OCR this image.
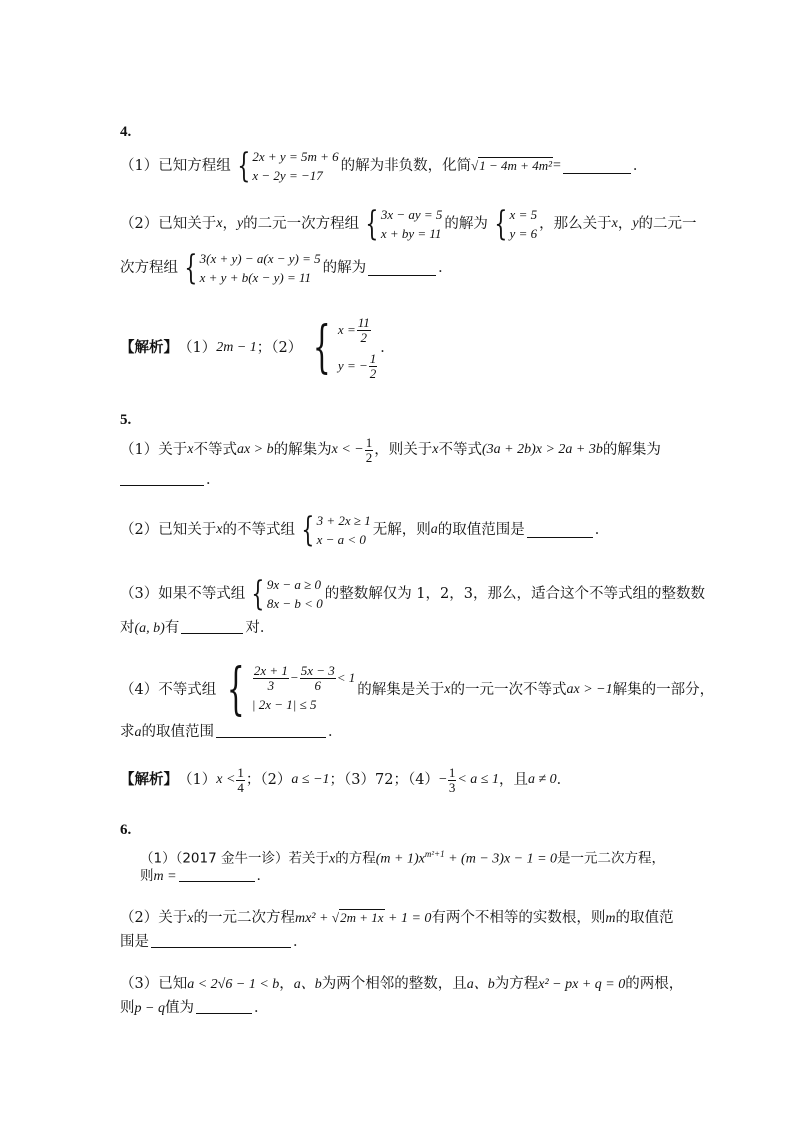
4.
（1）已知方程组 { 2x + y = 5m + 6
x − 2y = −17
的解为非负数，化简 √1 − 4m + 4m² =	．
（2）已知关于 x ， y 的二元一次方程组 { 3x − ay = 5
x + by = 11
的解为 { x = 5
y = 6
，那么关于 x ， y 的二元一
次方程组 { 3(x + y) − a(x − y) = 5
x + y + b(x − y) = 11
的解为	．
【解析】 （1） 2m − 1 ；（2） { $x = \frac{11}{2}$
y = − $\frac{1}{2}$
．
5.
（1）关于 x 不等式 ax > b 的解集为 x < − $\frac{1}{2}$ ，则关于 x 不等式 (3a + 2b)x > 2a + 3b 的解集为
．
（2）已知关于 x 的不等式组 { 3 + 2x ≥ 1
x − a < 0
无解，则 a 的取值范围是	．
（3）如果不等式组 { 9x − a ≥ 0
8x − b < 0
的整数解仅为 1，2，3，那么，适合这个不等式组的整数数
对(a, b)有	对．
（4）不等式组 { $\frac{2x + 1}{3} - \frac{5x - 3}{6} < 1$
| 2x − 1| ≤ 5
的解集是关于 x 的一元一次不等式 ax > −1 解集的一部分，
求a的取值范围	．
【解析】 （1） $x < \frac{1}{4}$ ；（2） a ≤ −1 ；（3）72；$(4) - \frac{1}{3} < a \le 1$ ，且 a ≠ 0 ．
6.
（1）（2017 金牛一诊）若关于x的方程$(m + 1)x^{m^2+1} + (m - 3)x - 1 = 0$是一元二次方程，
则m =	．
（2）关于x的一元二次方程mx² + √2m + 1x + 1 = 0有两个不相等的实数根，则m的取值范
围是	．
（3）已知a < 2√6 − 1 < b，a、b为两个相邻的整数，且a、b为方程x² − px + q = 0的两根，
则p − q值为	．
